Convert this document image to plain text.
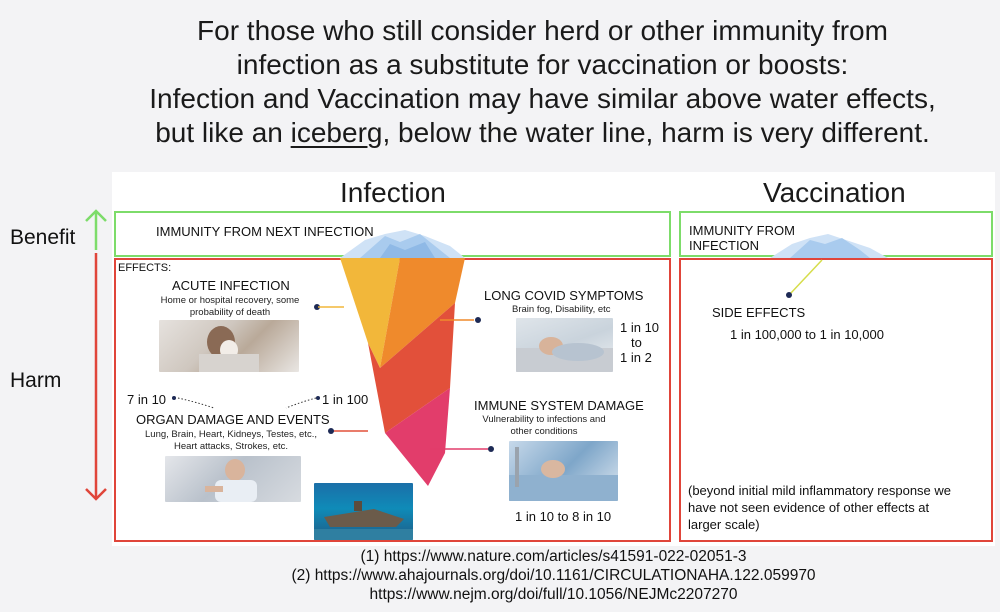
For those who still consider herd or other immunity from
infection as a substitute for vaccination or boosts:
Infection and Vaccination may have similar above water effects,
but like an iceberg, below the water line, harm is very different.
Benefit
Harm
Infection	Vaccination
IMMUNITY FROM NEXT INFECTION
EFFECTS:
ACUTE INFECTION
Home or hospital recovery, some probability of death
LONG COVID SYMPTOMS
Brain fog, Disability, etc
1 in 10
to
1 in 2
7 in 10	1 in 100
ORGAN DAMAGE AND EVENTS
Lung, Brain, Heart, Kidneys, Testes, etc., Heart attacks, Strokes, etc.
IMMUNE SYSTEM DAMAGE
Vulnerability to infections and other conditions
1 in 10 to 8 in 10
IMMUNITY FROM
INFECTION
SIDE EFFECTS
1 in 100,000 to 1 in 10,000
(beyond initial mild inflammatory response we have not seen evidence of other effects at larger scale)
(1) https://www.nature.com/articles/s41591-022-02051-3
(2) https://www.ahajournals.org/doi/10.1161/CIRCULATIONAHA.122.059970
https://www.nejm.org/doi/full/10.1056/NEJMc2207270
